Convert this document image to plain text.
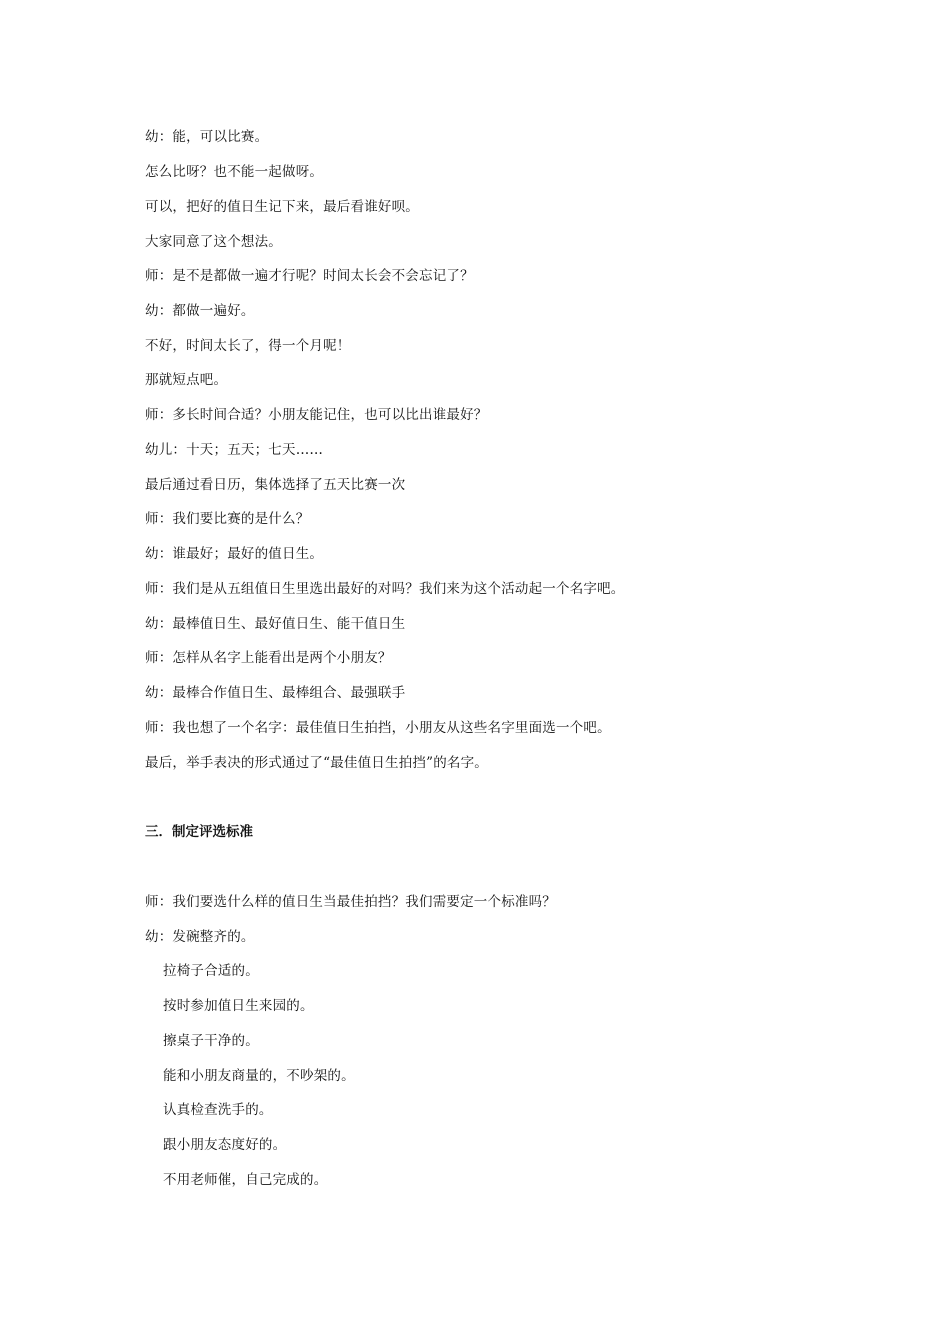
幼：能，可以比赛。
怎么比呀？也不能一起做呀。
可以，把好的值日生记下来，最后看谁好呗。
大家同意了这个想法。
师：是不是都做一遍才行呢？时间太长会不会忘记了？
幼：都做一遍好。
不好，时间太长了，得一个月呢！
那就短点吧。
师：多长时间合适？小朋友能记住，也可以比出谁最好？
幼儿：十天；五天；七天……
最后通过看日历，集体选择了五天比赛一次
师：我们要比赛的是什么？
幼：谁最好；最好的值日生。
师：我们是从五组值日生里选出最好的对吗？我们来为这个活动起一个名字吧。
幼：最棒值日生、最好值日生、能干值日生
师：怎样从名字上能看出是两个小朋友？
幼：最棒合作值日生、最棒组合、最强联手
师：我也想了一个名字：最佳值日生拍挡，小朋友从这些名字里面选一个吧。
最后，举手表决的形式通过了“最佳值日生拍挡”的名字。
三．制定评选标准
师：我们要选什么样的值日生当最佳拍挡？我们需要定一个标准吗？
幼：发碗整齐的。
拉椅子合适的。
按时参加值日生来园的。
擦桌子干净的。
能和小朋友商量的，不吵架的。
认真检查洗手的。
跟小朋友态度好的。
不用老师催，自己完成的。
